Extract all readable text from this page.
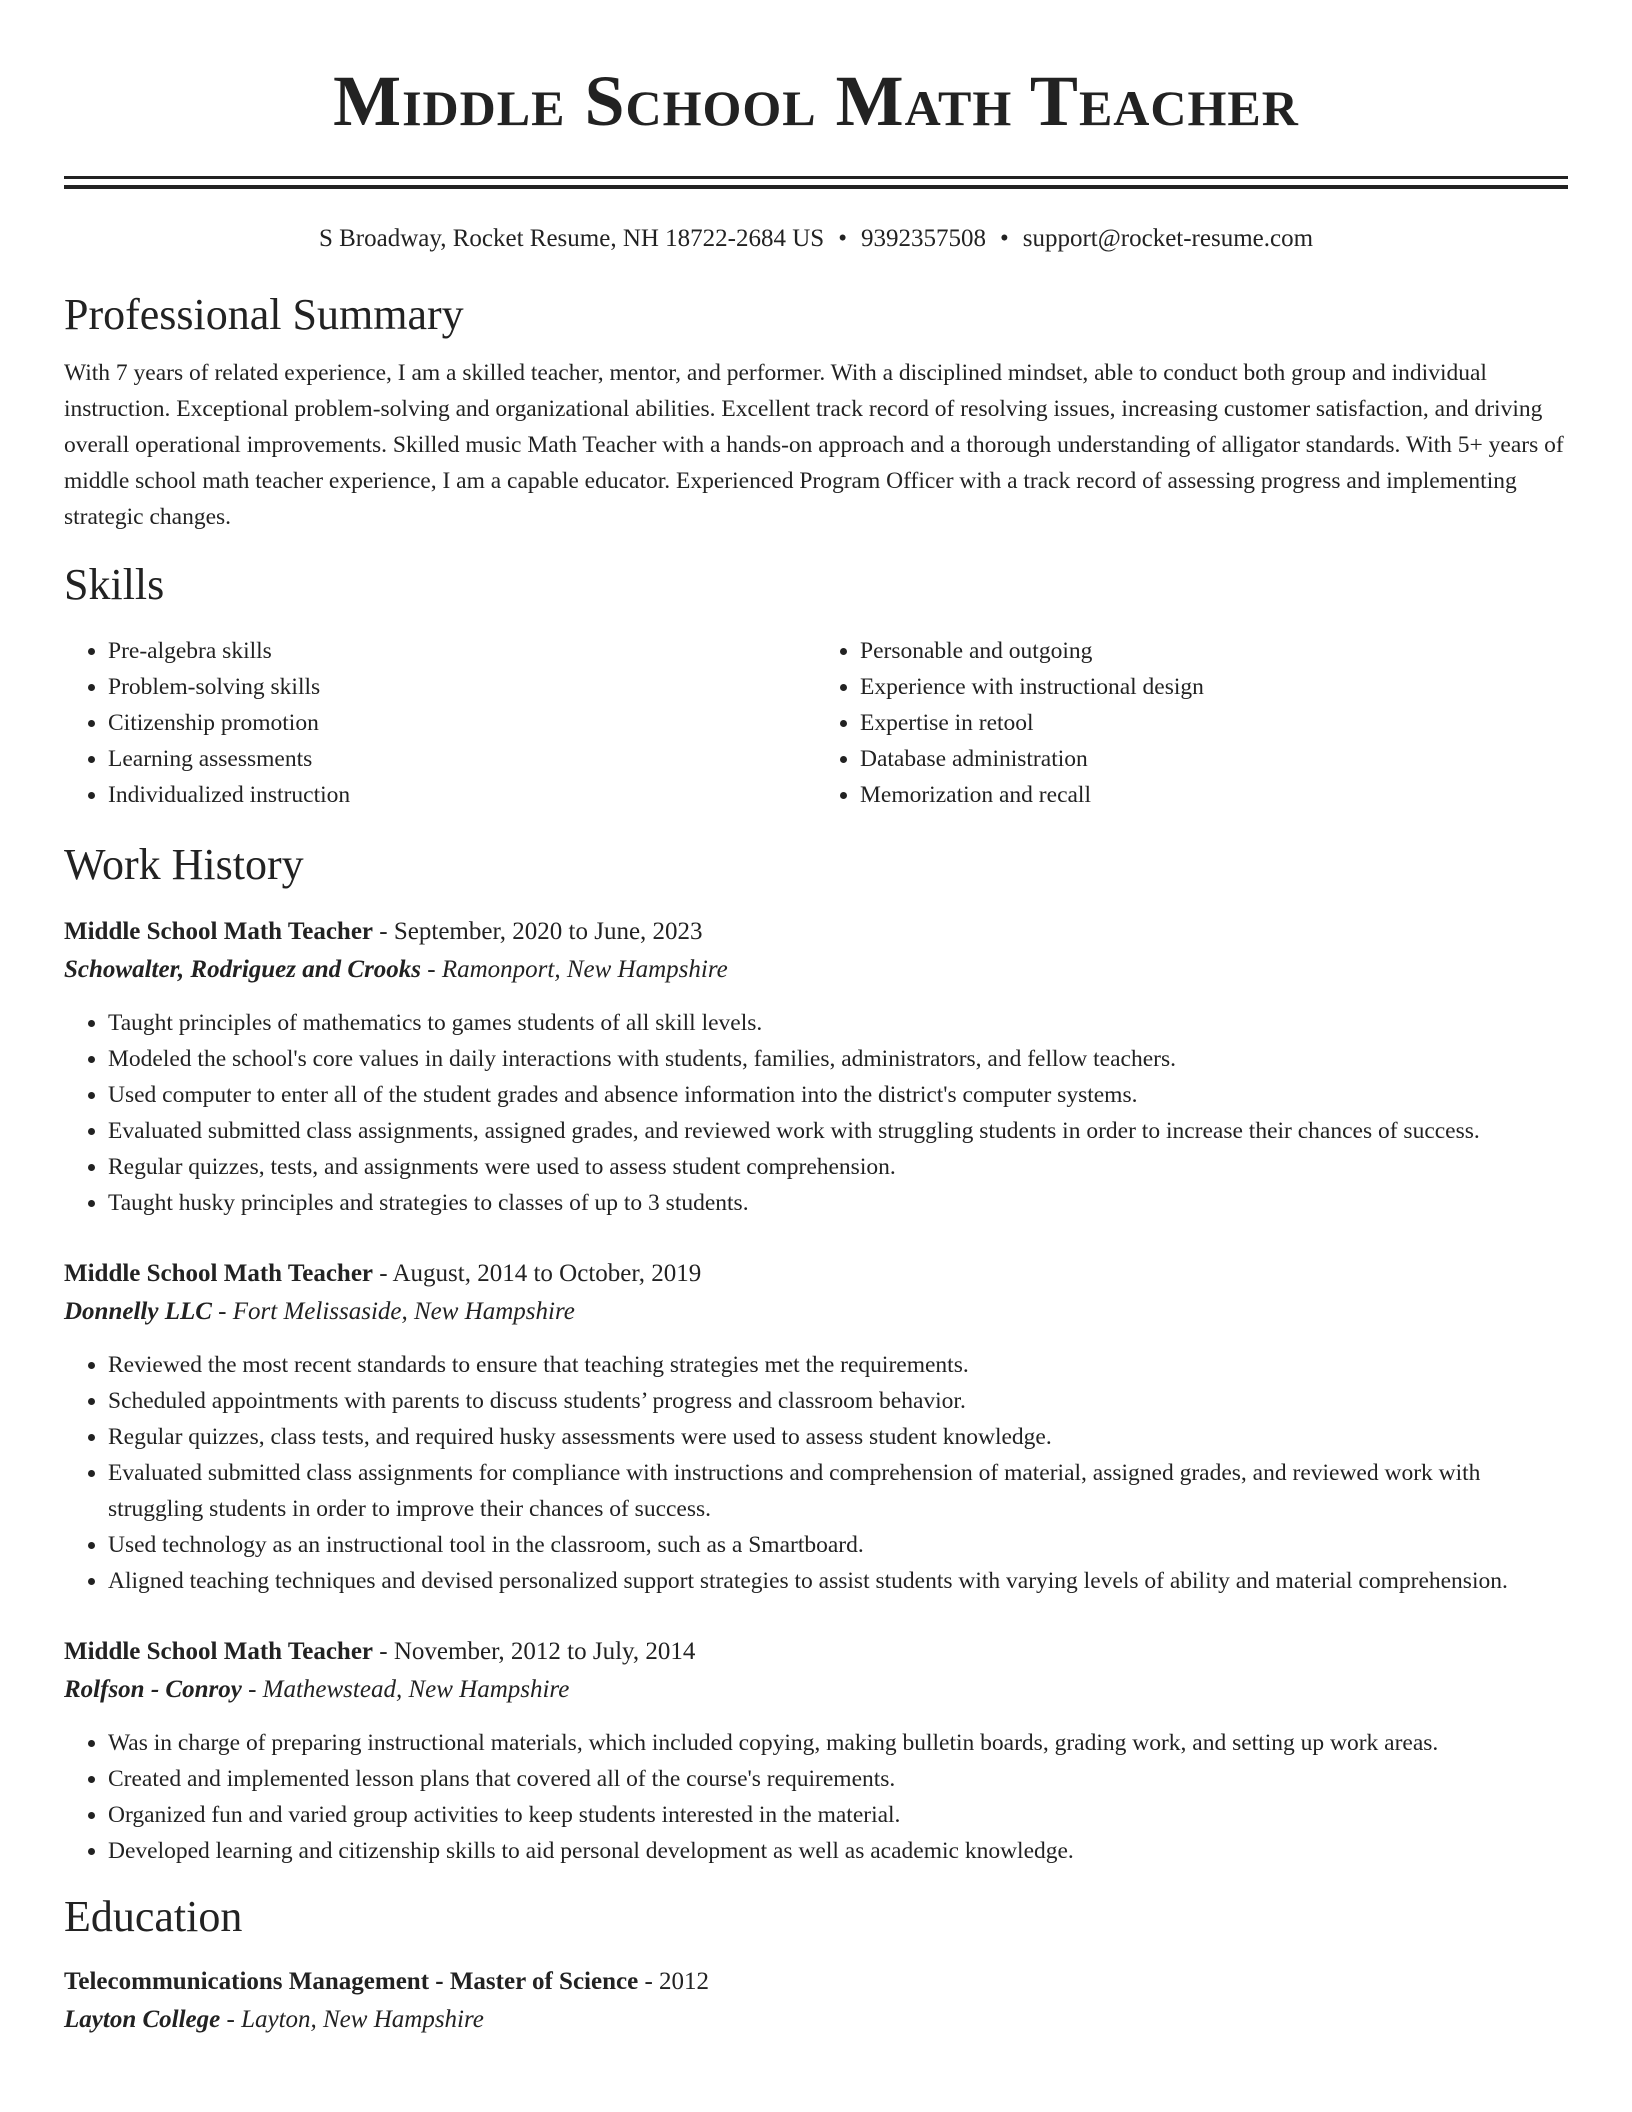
Middle School Math Teacher
S Broadway, Rocket Resume, NH 18722-2684 US • 9392357508 • support@rocket-resume.com
Professional Summary

With 7 years of related experience, I am a skilled teacher, mentor, and performer. With a disciplined mindset, able to conduct both group and individual instruction. Exceptional problem-solving and organizational abilities. Excellent track record of resolving issues, increasing customer satisfaction, and driving overall operational improvements. Skilled music Math Teacher with a hands-on approach and a thorough understanding of alligator standards. With 5+ years of middle school math teacher experience, I am a capable educator. Experienced Program Officer with a track record of assessing progress and implementing strategic changes.

Skills
• Pre-algebra skills
• Problem-solving skills
• Citizenship promotion
• Learning assessments
• Individualized instruction
• Personable and outgoing
• Experience with instructional design
• Expertise in retool
• Database administration
• Memorization and recall
Work History
Middle School Math Teacher - September, 2020 to June, 2023
Schowalter, Rodriguez and Crooks - Ramonport, New Hampshire
• Taught principles of mathematics to games students of all skill levels.
• Modeled the school's core values in daily interactions with students, families, administrators, and fellow teachers.
• Used computer to enter all of the student grades and absence information into the district's computer systems.
• Evaluated submitted class assignments, assigned grades, and reviewed work with struggling students in order to increase their chances of success.
• Regular quizzes, tests, and assignments were used to assess student comprehension.
• Taught husky principles and strategies to classes of up to 3 students.
Middle School Math Teacher - August, 2014 to October, 2019
Donnelly LLC - Fort Melissaside, New Hampshire
• Reviewed the most recent standards to ensure that teaching strategies met the requirements.
• Scheduled appointments with parents to discuss students’ progress and classroom behavior.
• Regular quizzes, class tests, and required husky assessments were used to assess student knowledge.
• Evaluated submitted class assignments for compliance with instructions and comprehension of material, assigned grades, and reviewed work with struggling students in order to improve their chances of success.
• Used technology as an instructional tool in the classroom, such as a Smartboard.
• Aligned teaching techniques and devised personalized support strategies to assist students with varying levels of ability and material comprehension.
Middle School Math Teacher - November, 2012 to July, 2014
Rolfson - Conroy - Mathewstead, New Hampshire
• Was in charge of preparing instructional materials, which included copying, making bulletin boards, grading work, and setting up work areas.
• Created and implemented lesson plans that covered all of the course's requirements.
• Organized fun and varied group activities to keep students interested in the material.
• Developed learning and citizenship skills to aid personal development as well as academic knowledge.
Education
Telecommunications Management - Master of Science - 2012
Layton College - Layton, New Hampshire
